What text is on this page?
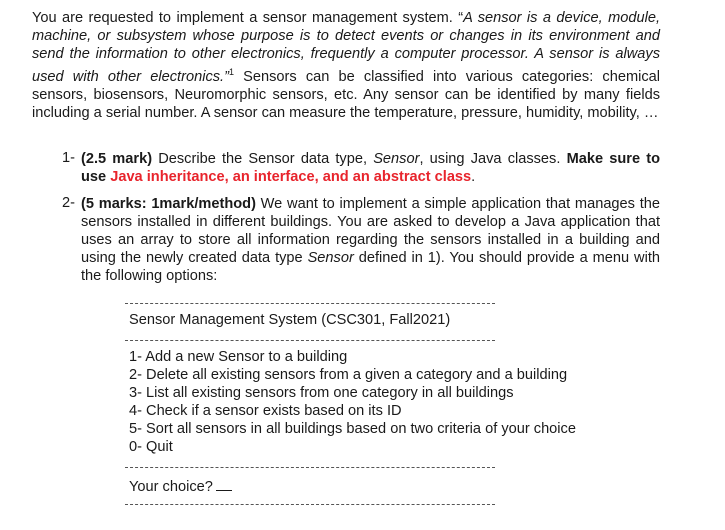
You are requested to implement a sensor management system. “A sensor is a device, module, machine, or subsystem whose purpose is to detect events or changes in its environment and send the information to other electronics, frequently a computer processor. A sensor is always used with other electronics.”$^1$ Sensors can be classified into various categories: chemical sensors, biosensors, Neuromorphic sensors, etc. Any sensor can be identified by many fields including a serial number. A sensor can measure the temperature, pressure, humidity, mobility, …

1- (2.5 mark) Describe the Sensor data type, Sensor, using Java classes. Make sure to use Java inheritance, an interface, and an abstract class.

2- (5 marks: 1mark/method) We want to implement a simple application that manages the sensors installed in different buildings. You are asked to develop a Java application that uses an array to store all information regarding the sensors installed in a building and using the newly created data type Sensor defined in 1). You should provide a menu with the following options:

Sensor Management System (CSC301, Fall2021)
1- Add a new Sensor to a building
2- Delete all existing sensors from a given a category and a building
3- List all existing sensors from one category in all buildings
4- Check if a sensor exists based on its ID
5- Sort all sensors in all buildings based on two criteria of your choice
0- Quit
Your choice?
